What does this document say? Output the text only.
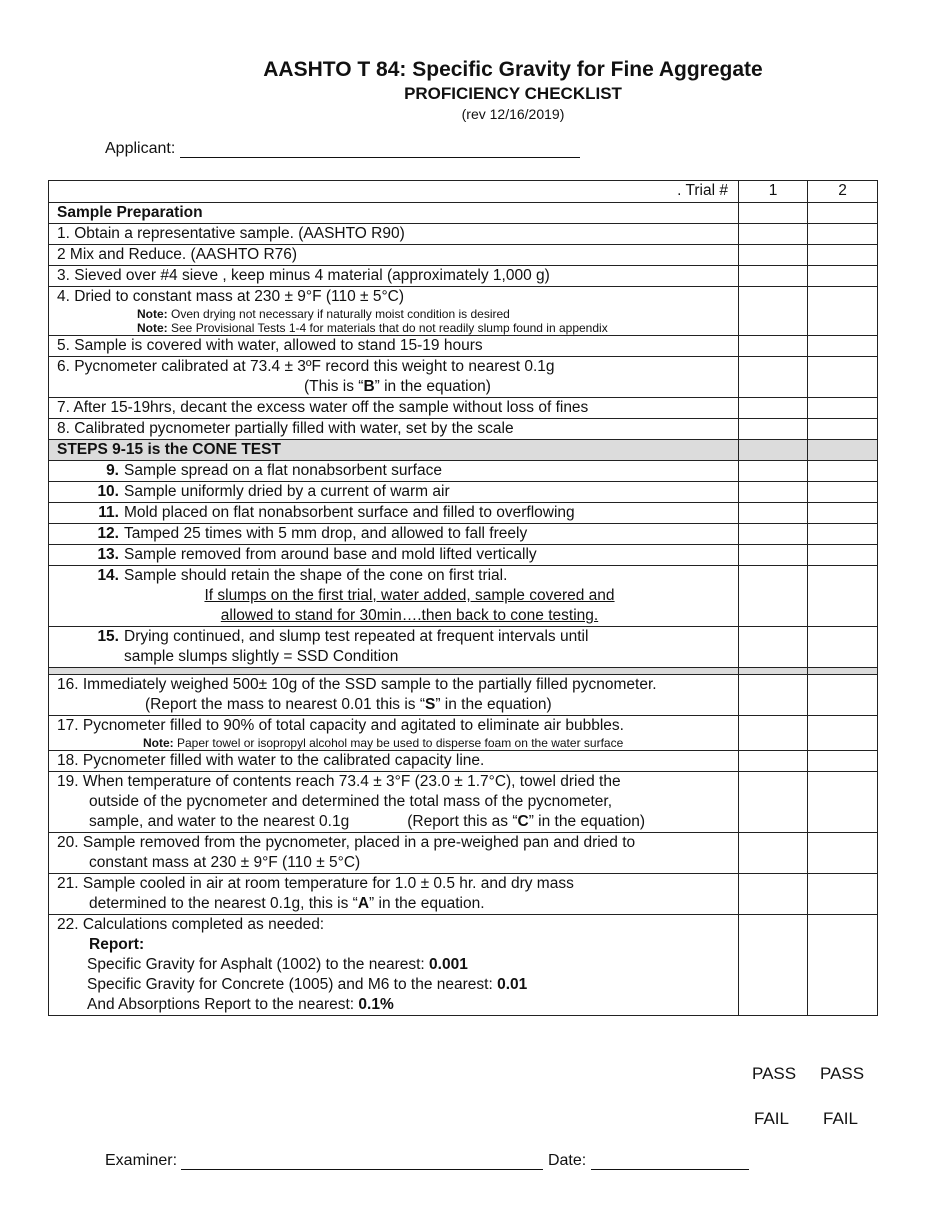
AASHTO T 84: Specific Gravity for Fine Aggregate
PROFICIENCY CHECKLIST
(rev 12/16/2019)
Applicant:
. Trial #	1	2
Sample Preparation		
1. Obtain a representative sample. (AASHTO R90)		
2 Mix and Reduce. (AASHTO R76)		
3. Sieved over #4 sieve , keep minus 4 material (approximately 1,000 g)		

4. Dried to constant mass at 230 ± 9°F (110 ± 5°C)
Note: Oven drying not necessary if naturally moist condition is desired
Note: See Provisional Tests 1-4 for materials that do not readily slump found in appendix		

5. Sample is covered with water, allowed to stand 15-19 hours		

6. Pycnometer calibrated at 73.4 ± 3ºF record this weight to nearest 0.1g
(This is “B” in the equation)		

7. After 15-19hrs, decant the excess water off the sample without loss of fines		
8. Calibrated pycnometer partially filled with water, set by the scale		
STEPS 9-15 is the CONE TEST		
9. Sample spread on a flat nonabsorbent surface		
10. Sample uniformly dried by a current of warm air		
11. Mold placed on flat nonabsorbent surface and filled to overflowing		
12. Tamped 25 times with 5 mm drop, and allowed to fall freely		
13. Sample removed from around base and mold lifted vertically		

14. Sample should retain the shape of the cone on first trial.
If slumps on the first trial, water added, sample covered and
allowed to stand for 30min….then back to cone testing.		

15. Drying continued, and slump test repeated at frequent intervals until
sample slumps slightly = SSD Condition		

16. Immediately weighed 500± 10g of the SSD sample to the partially filled pycnometer.
(Report the mass to nearest 0.01 this is “S” in the equation)		

17. Pycnometer filled to 90% of total capacity and agitated to eliminate air bubbles.
Note: Paper towel or isopropyl alcohol may be used to disperse foam on the water surface		

18. Pycnometer filled with water to the calibrated capacity line.		

19. When temperature of contents reach 73.4 ± 3°F (23.0 ± 1.7°C), towel dried the
outside of the pycnometer and determined the total mass of the pycnometer,
sample, and water to the nearest 0.1g (Report this as “C” in the equation)		

20. Sample removed from the pycnometer, placed in a pre-weighed pan and dried to
constant mass at 230 ± 9°F (110 ± 5°C)		

21. Sample cooled in air at room temperature for 1.0 ± 0.5 hr. and dry mass
determined to the nearest 0.1g, this is “A” in the equation.		

22. Calculations completed as needed:
Report:
Specific Gravity for Asphalt (1002) to the nearest: 0.001
Specific Gravity for Concrete (1005) and M6 to the nearest: 0.01
And Absorptions Report to the nearest: 0.1%		

PASS PASS
FAIL FAIL
Examiner:	Date:
